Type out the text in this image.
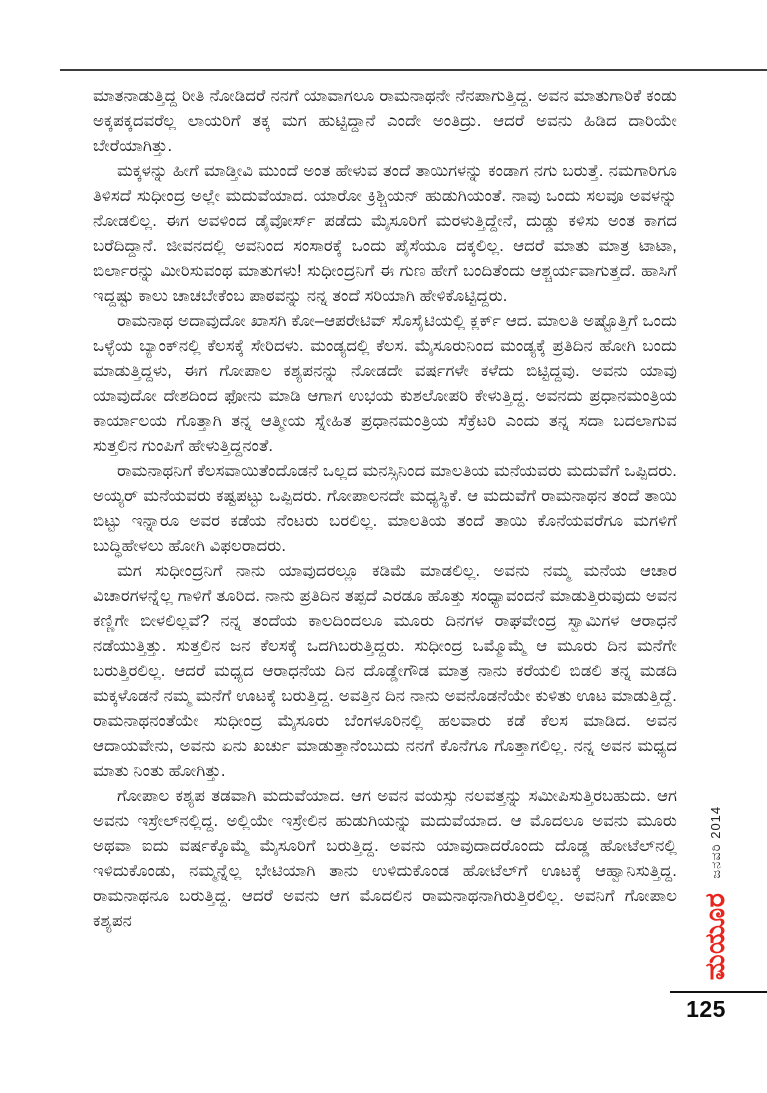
ಮಾತನಾಡುತ್ತಿದ್ದ ರೀತಿ ನೋಡಿದರೆ ನನಗೆ ಯಾವಾಗಲೂ ರಾಮನಾಥನೇ ನೆನಪಾಗುತ್ತಿದ್ದ. ಅವನ ಮಾತುಗಾರಿಕೆ ಕಂಡು ಅಕ್ಕಪಕ್ಕದವರೆಲ್ಲ ಲಾಯರಿಗೆ ತಕ್ಕ ಮಗ ಹುಟ್ಟಿದ್ದಾನೆ ಎಂದೇ ಅಂತಿದ್ರು. ಆದರೆ ಅವನು ಹಿಡಿದ ದಾರಿಯೇ ಬೇರೆಯಾಗಿತ್ತು.

ಮಕ್ಕಳನ್ನು ಹೀಗೆ ಮಾಡ್ತೀವಿ ಮುಂದೆ ಅಂತ ಹೇಳುವ ತಂದೆ ತಾಯಿಗಳನ್ನು ಕಂಡಾಗ ನಗು ಬರುತ್ತೆ. ನಮಗಾರಿಗೂ ತಿಳಿಸದೆ ಸುಧೀಂದ್ರ ಅಲ್ಲೇ ಮದುವೆಯಾದ. ಯಾರೋ ಕ್ರಿಶ್ಚಿಯನ್ ಹುಡುಗಿಯಂತೆ. ನಾವು ಒಂದು ಸಲವೂ ಅವಳನ್ನು ನೋಡಲಿಲ್ಲ. ಈಗ ಅವಳಿಂದ ಡೈವೋರ್ಸ್ ಪಡೆದು ಮೈಸೂರಿಗೆ ಮರಳುತ್ತಿದ್ದೇನೆ, ದುಡ್ಡು ಕಳಿಸು ಅಂತ ಕಾಗದ ಬರೆದಿದ್ದಾನೆ. ಜೀವನದಲ್ಲಿ ಅವನಿಂದ ಸಂಸಾರಕ್ಕೆ ಒಂದು ಪೈಸೆಯೂ ದಕ್ಕಲಿಲ್ಲ. ಆದರೆ ಮಾತು ಮಾತ್ರ ಟಾಟಾ, ಬಿರ್ಲಾರನ್ನು ಮೀರಿಸುವಂಥ ಮಾತುಗಳು! ಸುಧೀಂದ್ರನಿಗೆ ಈ ಗುಣ ಹೇಗೆ ಬಂದಿತೆಂದು ಆಶ್ಚರ್ಯವಾಗುತ್ತದೆ. ಹಾಸಿಗೆ ಇದ್ದಷ್ಟು ಕಾಲು ಚಾಚಬೇಕೆಂಬ ಪಾಠವನ್ನು ನನ್ನ ತಂದೆ ಸರಿಯಾಗಿ ಹೇಳಿಕೊಟ್ಟಿದ್ದರು.

ರಾಮನಾಥ ಅದಾವುದೋ ಖಾಸಗಿ ಕೋ–ಆಪರೇಟಿವ್ ಸೊಸೈಟಿಯಲ್ಲಿ ಕ್ಲರ್ಕ್ ಆದ. ಮಾಲತಿ ಅಷ್ಟೊತ್ತಿಗೆ ಒಂದು ಒಳ್ಳೆಯ ಬ್ಯಾಂಕ್‌ನಲ್ಲಿ ಕೆಲಸಕ್ಕೆ ಸೇರಿದಳು. ಮಂಡ್ಯದಲ್ಲಿ ಕೆಲಸ. ಮೈಸೂರುನಿಂದ ಮಂಡ್ಯಕ್ಕೆ ಪ್ರತಿದಿನ ಹೋಗಿ ಬಂದು ಮಾಡುತ್ತಿದ್ದಳು, ಈಗ ಗೋಪಾಲ ಕಶ್ಯಪನನ್ನು ನೋಡದೇ ವರ್ಷಗಳೇ ಕಳೆದು ಬಿಟ್ಟಿದ್ದವು. ಅವನು ಯಾವು ಯಾವುದೋ ದೇಶದಿಂದ ಫೋನು ಮಾಡಿ ಆಗಾಗ ಉಭಯ ಕುಶಲೋಪರಿ ಕೇಳುತ್ತಿದ್ದ. ಅವನದು ಪ್ರಧಾನಮಂತ್ರಿಯ ಕಾರ್ಯಾಲಯ ಗೊತ್ತಾಗಿ ತನ್ನ ಆತ್ಮೀಯ ಸ್ನೇಹಿತ ಪ್ರಧಾನಮಂತ್ರಿಯ ಸೆಕ್ರೆಟರಿ ಎಂದು ತನ್ನ ಸದಾ ಬದಲಾಗುವ ಸುತ್ತಲಿನ ಗುಂಪಿಗೆ ಹೇಳುತ್ತಿದ್ದನಂತೆ.

ರಾಮನಾಥನಿಗೆ ಕೆಲಸವಾಯಿತೆಂದೊಡನೆ ಒಲ್ಲದ ಮನಸ್ಸಿನಿಂದ ಮಾಲತಿಯ ಮನೆಯವರು ಮದುವೆಗೆ ಒಪ್ಪಿದರು. ಅಯ್ಯರ್ ಮನೆಯವರು ಕಷ್ಟಪಟ್ಟು ಒಪ್ಪಿದರು. ಗೋಪಾಲನದೇ ಮಧ್ಯಸ್ಥಿಕೆ. ಆ ಮದುವೆಗೆ ರಾಮನಾಥನ ತಂದೆ ತಾಯಿ ಬಿಟ್ಟು ಇನ್ನಾರೂ ಅವರ ಕಡೆಯ ನೆಂಟರು ಬರಲಿಲ್ಲ. ಮಾಲತಿಯ ತಂದೆ ತಾಯಿ ಕೊನೆಯವರೆಗೂ ಮಗಳಿಗೆ ಬುದ್ಧಿಹೇಳಲು ಹೋಗಿ ವಿಫಲರಾದರು.

ಮಗ ಸುಧೀಂದ್ರನಿಗೆ ನಾನು ಯಾವುದರಲ್ಲೂ ಕಡಿಮೆ ಮಾಡಲಿಲ್ಲ. ಅವನು ನಮ್ಮ ಮನೆಯ ಆಚಾರ ವಿಚಾರಗಳನ್ನೆಲ್ಲ ಗಾಳಿಗೆ ತೂರಿದ. ನಾನು ಪ್ರತಿದಿನ ತಪ್ಪದೆ ಎರಡೂ ಹೊತ್ತು ಸಂಧ್ಯಾವಂದನೆ ಮಾಡುತ್ತಿರುವುದು ಅವನ ಕಣ್ಣಿಗೇ ಬೀಳಲಿಲ್ಲವೆ? ನನ್ನ ತಂದೆಯ ಕಾಲದಿಂದಲೂ ಮೂರು ದಿನಗಳ ರಾಘವೇಂದ್ರ ಸ್ವಾಮಿಗಳ ಆರಾಧನೆ ನಡೆಯುತ್ತಿತ್ತು. ಸುತ್ತಲಿನ ಜನ ಕೆಲಸಕ್ಕೆ ಒದಗಿಬರುತ್ತಿದ್ದರು. ಸುಧೀಂದ್ರ ಒಮ್ಮೊಮ್ಮೆ ಆ ಮೂರು ದಿನ ಮನೆಗೇ ಬರುತ್ತಿರಲಿಲ್ಲ. ಆದರೆ ಮಧ್ಯದ ಆರಾಧನೆಯ ದಿನ ದೊಡ್ಡೇಗೌಡ ಮಾತ್ರ ನಾನು ಕರೆಯಲಿ ಬಿಡಲಿ ತನ್ನ ಮಡದಿ ಮಕ್ಕಳೊಡನೆ ನಮ್ಮ ಮನೆಗೆ ಊಟಕ್ಕೆ ಬರುತ್ತಿದ್ದ. ಅವತ್ತಿನ ದಿನ ನಾನು ಅವನೊಡನೆಯೇ ಕುಳಿತು ಊಟ ಮಾಡುತ್ತಿದ್ದೆ. ರಾಮನಾಥನಂತೆಯೇ ಸುಧೀಂದ್ರ ಮೈಸೂರು ಬೆಂಗಳೂರಿನಲ್ಲಿ ಹಲವಾರು ಕಡೆ ಕೆಲಸ ಮಾಡಿದ. ಅವನ ಆದಾಯವೇನು, ಅವನು ಏನು ಖರ್ಚು ಮಾಡುತ್ತಾನೆಂಬುದು ನನಗೆ ಕೊನೆಗೂ ಗೊತ್ತಾಗಲಿಲ್ಲ. ನನ್ನ ಅವನ ಮಧ್ಯದ ಮಾತು ನಿಂತು ಹೋಗಿತ್ತು.

ಗೋಪಾಲ ಕಶ್ಯಪ ತಡವಾಗಿ ಮದುವೆಯಾದ. ಆಗ ಅವನ ವಯಸ್ಸು ನಲವತ್ತನ್ನು ಸಮೀಪಿಸುತ್ತಿರಬಹುದು. ಆಗ ಅವನು ಇಸ್ರೇಲ್‌ನಲ್ಲಿದ್ದ. ಅಲ್ಲಿಯೇ ಇಸ್ರೇಲಿನ ಹುಡುಗಿಯನ್ನು ಮದುವೆಯಾದ. ಆ ಮೊದಲೂ ಅವನು ಮೂರು ಅಥವಾ ಐದು ವರ್ಷಕ್ಕೊಮ್ಮೆ ಮೈಸೂರಿಗೆ ಬರುತ್ತಿದ್ದ. ಅವನು ಯಾವುದಾದರೊಂದು ದೊಡ್ಡ ಹೋಟೆಲ್‌ನಲ್ಲಿ ಇಳಿದುಕೊಂಡು, ನಮ್ಮನ್ನೆಲ್ಲ ಭೇಟಿಯಾಗಿ ತಾನು ಉಳಿದುಕೊಂಡ ಹೋಟೆಲ್‌ಗೆ ಊಟಕ್ಕೆ ಆಹ್ವಾನಿಸುತ್ತಿದ್ದ. ರಾಮನಾಥನೂ ಬರುತ್ತಿದ್ದ. ಆದರೆ ಅವನು ಆಗ ಮೊದಲಿನ ರಾಮನಾಥನಾಗಿರುತ್ತಿರಲಿಲ್ಲ. ಅವನಿಗೆ ಗೋಪಾಲ ಕಶ್ಯಪನ	ಮಯೂರ
ಜನವರಿ 2014
125
